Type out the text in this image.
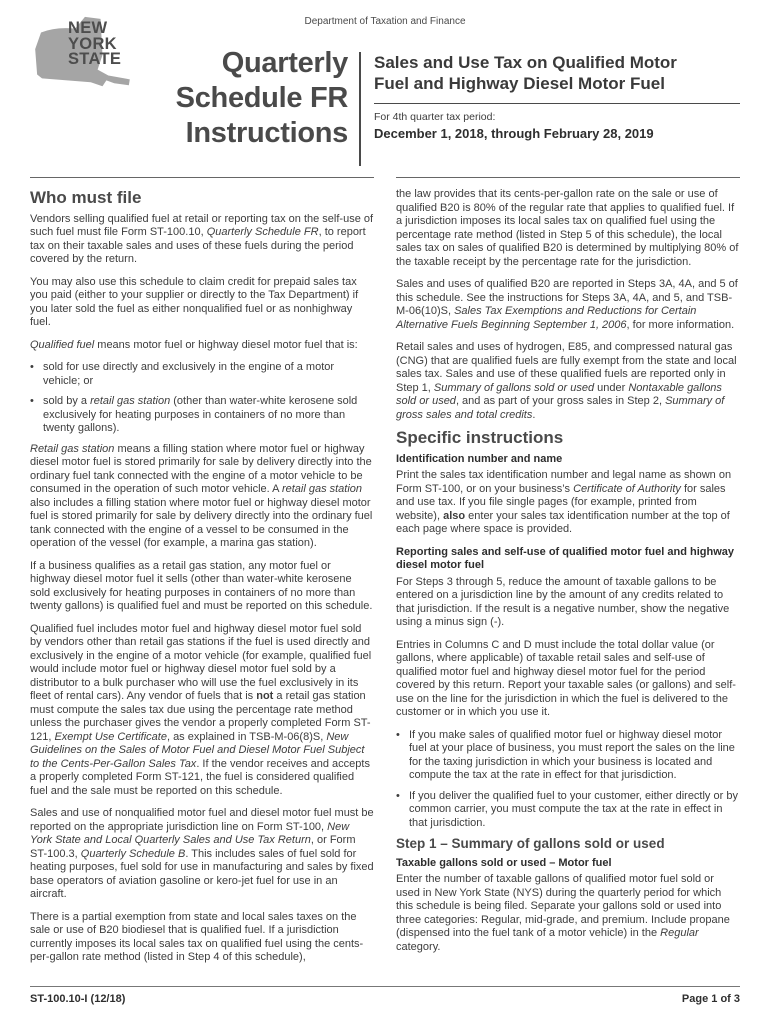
Department of Taxation and Finance
NEW
YORK
STATE	Quarterly
Schedule FR
Instructions
Sales and Use Tax on Qualified Motor
Fuel and Highway Diesel Motor Fuel
For 4th quarter tax period:
December 1, 2018, through February 28, 2019
Who must file
Vendors selling qualified fuel at retail or reporting tax on the self-use of such fuel must file Form ST-100.10, Quarterly Schedule FR, to report tax on their taxable sales and uses of these fuels during the period covered by the return.
You may also use this schedule to claim credit for prepaid sales tax you paid (either to your supplier or directly to the Tax Department) if you later sold the fuel as either nonqualified fuel or as nonhighway fuel.
Qualified fuel means motor fuel or highway diesel motor fuel that is:
• sold for use directly and exclusively in the engine of a motor vehicle; or
• sold by a retail gas station (other than water-white kerosene sold exclusively for heating purposes in containers of no more than twenty gallons).
Retail gas station means a filling station where motor fuel or highway diesel motor fuel is stored primarily for sale by delivery directly into the ordinary fuel tank connected with the engine of a motor vehicle to be consumed in the operation of such motor vehicle. A retail gas station also includes a filling station where motor fuel or highway diesel motor fuel is stored primarily for sale by delivery directly into the ordinary fuel tank connected with the engine of a vessel to be consumed in the operation of the vessel (for example, a marina gas station).
If a business qualifies as a retail gas station, any motor fuel or highway diesel motor fuel it sells (other than water-white kerosene sold exclusively for heating purposes in containers of no more than twenty gallons) is qualified fuel and must be reported on this schedule.
Qualified fuel includes motor fuel and highway diesel motor fuel sold by vendors other than retail gas stations if the fuel is used directly and exclusively in the engine of a motor vehicle (for example, qualified fuel would include motor fuel or highway diesel motor fuel sold by a distributor to a bulk purchaser who will use the fuel exclusively in its fleet of rental cars). Any vendor of fuels that is not a retail gas station must compute the sales tax due using the percentage rate method unless the purchaser gives the vendor a properly completed Form ST-121, Exempt Use Certificate, as explained in TSB-M-06(8)S, New Guidelines on the Sales of Motor Fuel and Diesel Motor Fuel Subject to the Cents-Per-Gallon Sales Tax. If the vendor receives and accepts a properly completed Form ST-121, the fuel is considered qualified fuel and the sale must be reported on this schedule.
Sales and use of nonqualified motor fuel and diesel motor fuel must be reported on the appropriate jurisdiction line on Form ST-100, New York State and Local Quarterly Sales and Use Tax Return, or Form ST-100.3, Quarterly Schedule B. This includes sales of fuel sold for heating purposes, fuel sold for use in manufacturing and sales by fixed base operators of aviation gasoline or kero-jet fuel for use in an aircraft.
There is a partial exemption from state and local sales taxes on the sale or use of B20 biodiesel that is qualified fuel. If a jurisdiction currently imposes its local sales tax on qualified fuel using the cents-per-gallon rate method (listed in Step 4 of this schedule),
the law provides that its cents-per-gallon rate on the sale or use of qualified B20 is 80% of the regular rate that applies to qualified fuel. If a jurisdiction imposes its local sales tax on qualified fuel using the percentage rate method (listed in Step 5 of this schedule), the local sales tax on sales of qualified B20 is determined by multiplying 80% of the taxable receipt by the percentage rate for the jurisdiction.
Sales and uses of qualified B20 are reported in Steps 3A, 4A, and 5 of this schedule. See the instructions for Steps 3A, 4A, and 5, and TSB-M-06(10)S, Sales Tax Exemptions and Reductions for Certain Alternative Fuels Beginning September 1, 2006, for more information.
Retail sales and uses of hydrogen, E85, and compressed natural gas (CNG) that are qualified fuels are fully exempt from the state and local sales tax. Sales and use of these qualified fuels are reported only in Step 1, Summary of gallons sold or used under Nontaxable gallons sold or used, and as part of your gross sales in Step 2, Summary of gross sales and total credits.
Specific instructions
Identification number and name
Print the sales tax identification number and legal name as shown on Form ST-100, or on your business’s Certificate of Authority for sales and use tax. If you file single pages (for example, printed from website), also enter your sales tax identification number at the top of each page where space is provided.
Reporting sales and self-use of qualified motor fuel and highway diesel motor fuel
For Steps 3 through 5, reduce the amount of taxable gallons to be entered on a jurisdiction line by the amount of any credits related to that jurisdiction. If the result is a negative number, show the negative using a minus sign (-).
Entries in Columns C and D must include the total dollar value (or gallons, where applicable) of taxable retail sales and self-use of qualified motor fuel and highway diesel motor fuel for the period covered by this return. Report your taxable sales (or gallons) and self-use on the line for the jurisdiction in which the fuel is delivered to the customer or in which you use it.
• If you make sales of qualified motor fuel or highway diesel motor fuel at your place of business, you must report the sales on the line for the taxing jurisdiction in which your business is located and compute the tax at the rate in effect for that jurisdiction.
• If you deliver the qualified fuel to your customer, either directly or by common carrier, you must compute the tax at the rate in effect in that jurisdiction.
Step 1 – Summary of gallons sold or used
Taxable gallons sold or used – Motor fuel
Enter the number of taxable gallons of qualified motor fuel sold or used in New York State (NYS) during the quarterly period for which this schedule is being filed. Separate your gallons sold or used into three categories: Regular, mid-grade, and premium. Include propane (dispensed into the fuel tank of a motor vehicle) in the Regular category.
ST-100.10-I (12/18)	Page 1 of 3
